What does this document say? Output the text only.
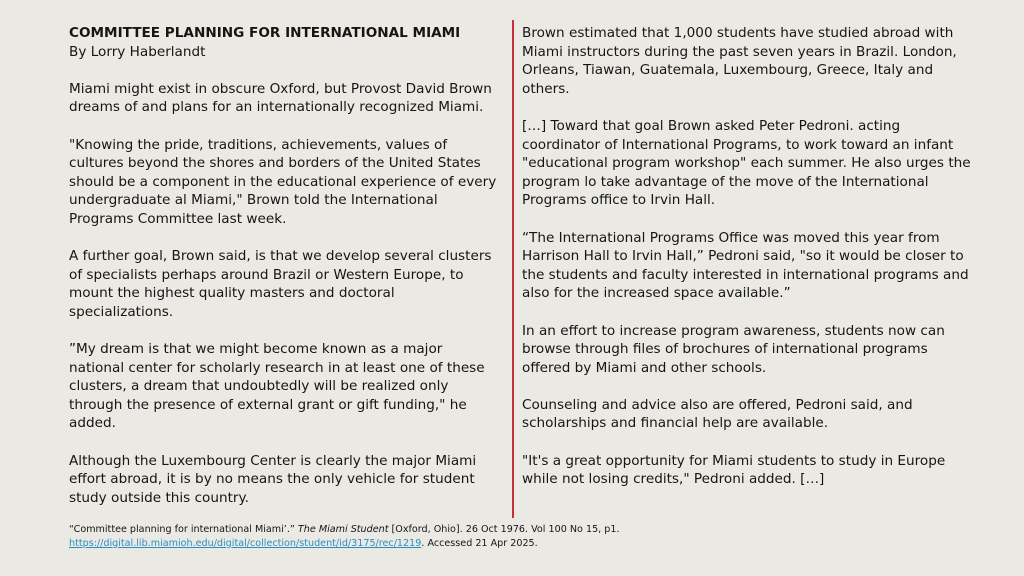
COMMITTEE PLANNING FOR INTERNATIONAL MIAMI

By Lorry Haberlandt

Miami might exist in obscure Oxford, but Provost David Brown dreams of and plans for an internationally recognized Miami.

"Knowing the pride, traditions, achievements, values of cultures beyond the shores and borders of the United States should be a component in the educational experience of every undergraduate al Miami," Brown told the International Programs Committee last week.

A further goal, Brown said, is that we develop several clusters of specialists perhaps around Brazil or Western Europe, to mount the highest quality masters and doctoral specializations.

”My dream is that we might become known as a major national center for scholarly research in at least one of these clusters, a dream that undoubtedly will be realized only through the presence of external grant or gift funding," he added.

Although the Luxembourg Center is clearly the major Miami effort abroad, it is by no means the only vehicle for student study outside this country.

Brown estimated that 1,000 students have studied abroad with Miami instructors during the past seven years in Brazil. London, Orleans, Tiawan, Guatemala, Luxembourg, Greece, Italy and others.

[…] Toward that goal Brown asked Peter Pedroni. acting coordinator of International Programs, to work toward an infant "educational program workshop" each summer. He also urges the program lo take advantage of the move of the International Programs office to Irvin Hall.

“The International Programs Office was moved this year from Harrison Hall to Irvin Hall,” Pedroni said, "so it would be closer to the students and faculty interested in international programs and also for the increased space available.”

In an effort to increase program awareness, students now can browse through files of brochures of international programs offered by Miami and other schools.

Counseling and advice also are offered, Pedroni said, and scholarships and financial help are available.

"It's a great opportunity for Miami students to study in Europe while not losing credits," Pedroni added. […]

“Committee planning for international Miami’.” The Miami Student [Oxford, Ohio]. 26 Oct 1976. Vol 100 No 15, p1. https://digital.lib.miamioh.edu/digital/collection/student/id/3175/rec/1219. Accessed 21 Apr 2025.
